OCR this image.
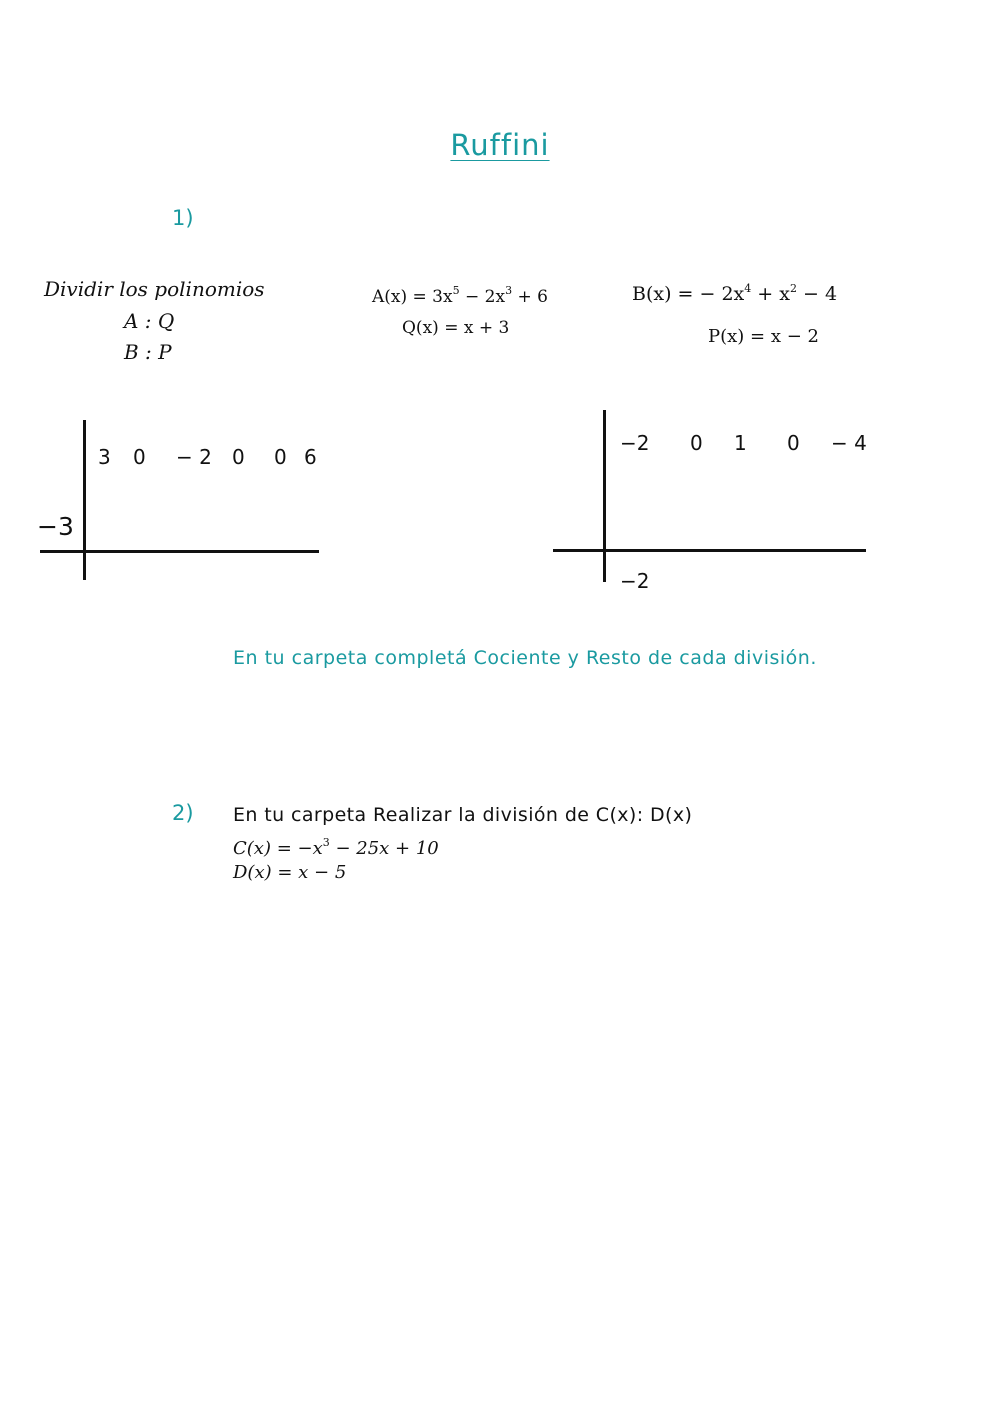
Ruffini
1)
Dividir los polinomios
A : Q
B : P
$A(x) = 3x^5 - 2x^3 + 6$
Q(x) = x + 3
B(x) = − $2x^4 + x^2 - 4$
P(x) = x − 2
3 0 − 2 0 0 6
−3
−2 0 1 0 − 4
−2
En tu carpeta completá Cociente y Resto de cada división.
2) En tu carpeta Realizar la división de C(x): D(x)
$C(x) = -x^3 - 25x + 10$
D(x) = x − 5
